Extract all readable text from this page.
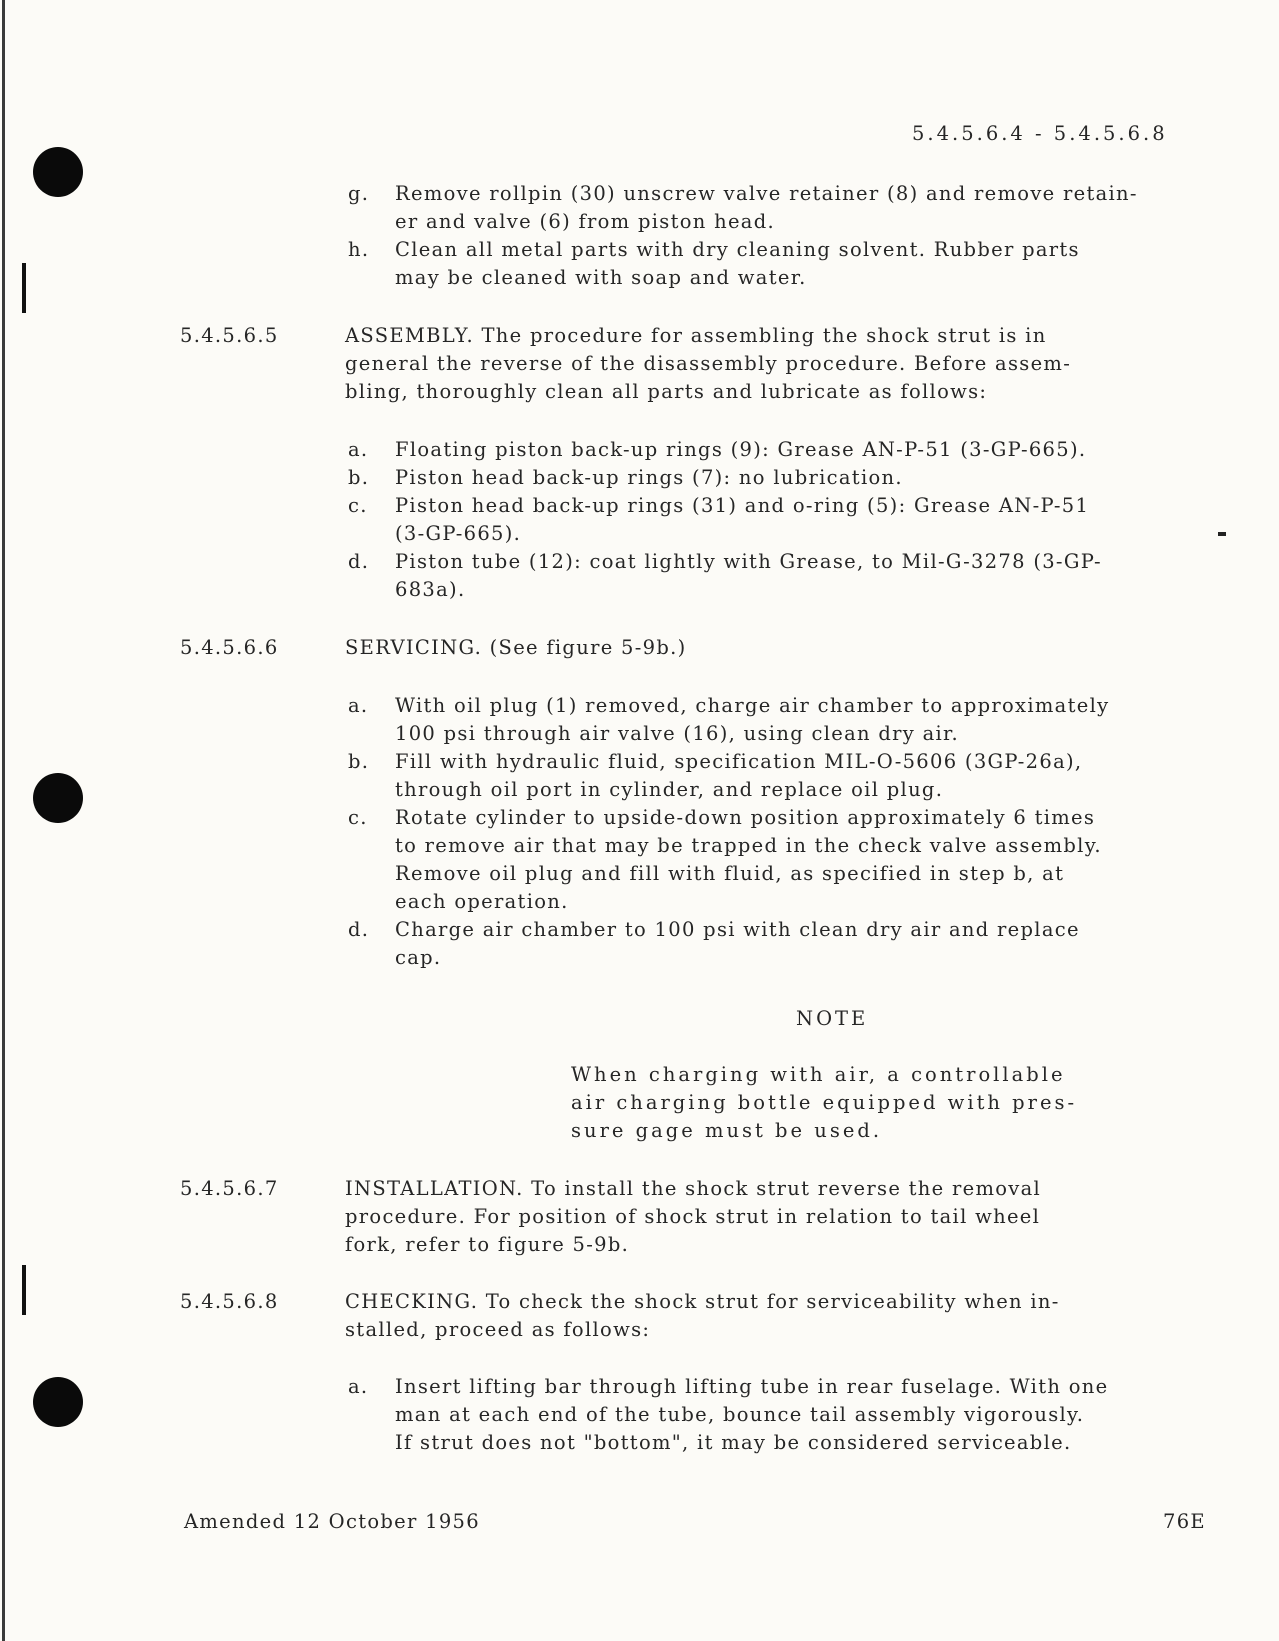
5.4.5.6.4 - 5.4.5.6.8
g. Remove rollpin (30) unscrew valve retainer (8) and remove retain-
er and valve (6) from piston head.
h. Clean all metal parts with dry cleaning solvent. Rubber parts
may be cleaned with soap and water.
5.4.5.6.5	ASSEMBLY. The procedure for assembling the shock strut is in
general the reverse of the disassembly procedure. Before assem-
bling, thoroughly clean all parts and lubricate as follows:
a. Floating piston back-up rings (9): Grease AN-P-51 (3-GP-665).
b. Piston head back-up rings (7): no lubrication.
c. Piston head back-up rings (31) and o-ring (5): Grease AN-P-51
(3-GP-665).
d. Piston tube (12): coat lightly with Grease, to Mil-G-3278 (3-GP-
683a).
5.4.5.6.6	SERVICING. (See figure 5-9b.)
a. With oil plug (1) removed, charge air chamber to approximately
100 psi through air valve (16), using clean dry air.
b. Fill with hydraulic fluid, specification MIL-O-5606 (3GP-26a),
through oil port in cylinder, and replace oil plug.
c. Rotate cylinder to upside-down position approximately 6 times
to remove air that may be trapped in the check valve assembly.
Remove oil plug and fill with fluid, as specified in step b, at
each operation.
d. Charge air chamber to 100 psi with clean dry air and replace
cap.
NOTE
When charging with air, a controllable
air charging bottle equipped with pres-
sure gage must be used.
5.4.5.6.7	INSTALLATION. To install the shock strut reverse the removal
procedure. For position of shock strut in relation to tail wheel
fork, refer to figure 5-9b.
5.4.5.6.8	CHECKING. To check the shock strut for serviceability when in-
stalled, proceed as follows:
a. Insert lifting bar through lifting tube in rear fuselage. With one
man at each end of the tube, bounce tail assembly vigorously.
If strut does not "bottom", it may be considered serviceable.
Amended 12 October 1956	76E
